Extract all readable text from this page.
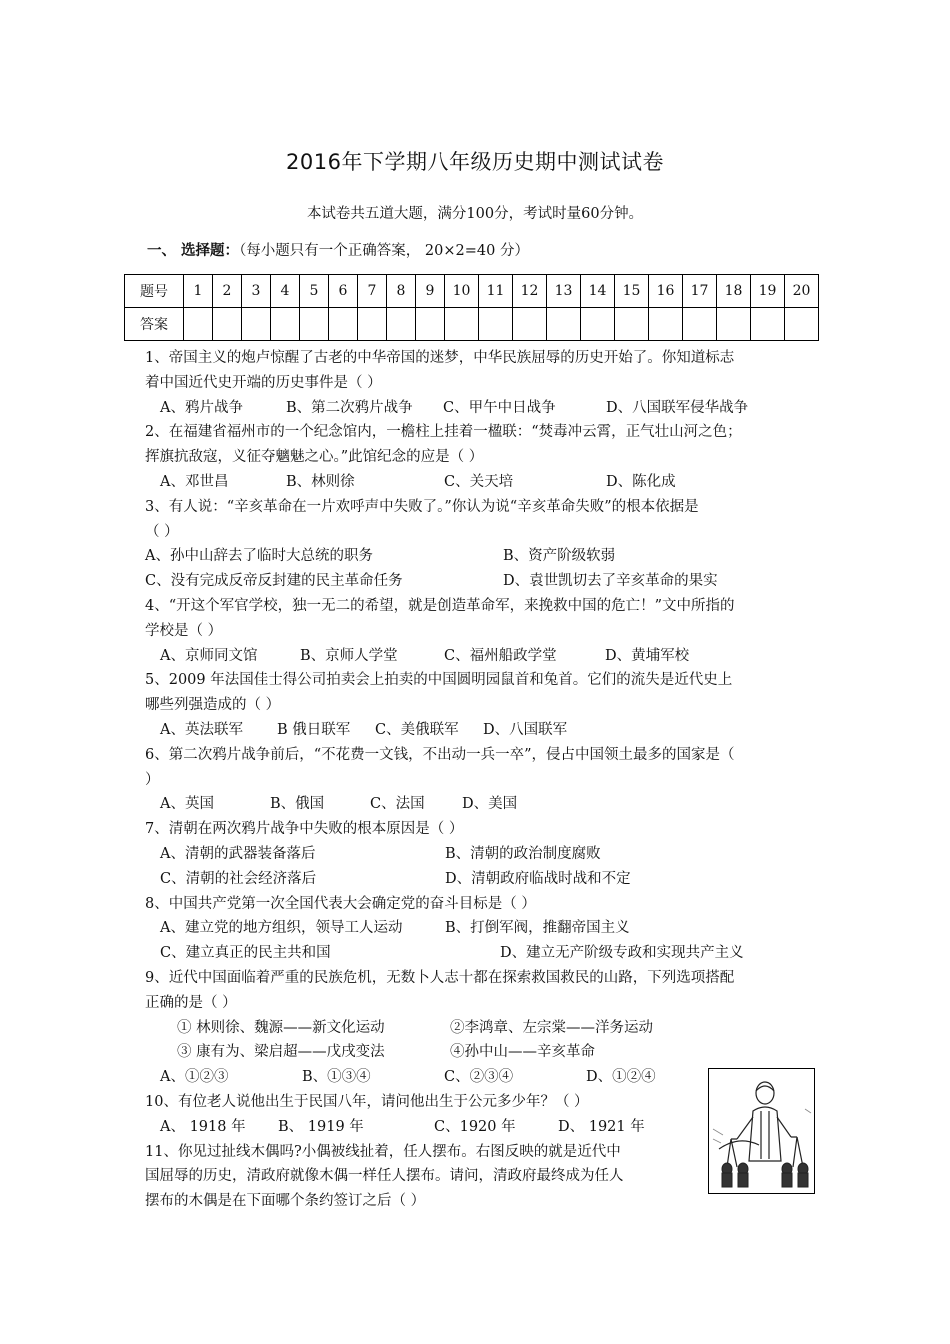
2016年下学期八年级历史期中测试试卷
本试卷共五道大题，满分100分，考试时量60分钟。
一、 选择题：（每小题只有一个正确答案， 20×2=40 分）
题号	1	2	3	4	5	6	7	8	9	10	11	12	13	14	15	16	17	18	19	20
答案																				
1、帝国主义的炮卢惊醒了古老的中华帝国的迷梦，中华民族屈辱的历史开始了。你知道标志
着中国近代史开端的历史事件是（ ）
A、鸦片战争	B、第二次鸦片战争 C、甲午中日战争	D、八国联军侵华战争
2、在福建省福州市的一个纪念馆内，一檐柱上挂着一楹联：“焚毒冲云霄，正气壮山河之色；
挥旗抗敌寇，义征夺魑魅之心。”此馆纪念的应是（ ）
A、邓世昌	B、林则徐	C、关天培	D、陈化成
3、有人说：“辛亥革命在一片欢呼声中失败了。”你认为说“辛亥革命失败”的根本依据是
（ ）
A、孙中山辞去了临时大总统的职务	B、资产阶级软弱
C、没有完成反帝反封建的民主革命任务	D、袁世凯切去了辛亥革命的果实
4、“开这个军官学校，独一无二的希望，就是创造革命军，来挽救中国的危亡！”文中所指的
学校是（ ）
A、京师同文馆	B、京师人学堂	C、福州船政学堂	D、黄埔军校
5、2009 年法国佳士得公司拍卖会上拍卖的中国圆明园鼠首和兔首。它们的流失是近代史上
哪些列强造成的（ ）
A、英法联军 B 俄日联军 C、美俄联军 D、八国联军
6、第二次鸦片战争前后，“不花费一文钱，不出动一兵一卒”，侵占中国领土最多的国家是（
）
A、英国	B、俄国	C、法国	D、美国
7、清朝在两次鸦片战争中失败的根本原因是（ ）
A、清朝的武器装备落后	B、清朝的政治制度腐败
C、清朝的社会经济落后	D、清朝政府临战时战和不定
8、中国共产党第一次全国代表大会确定党的奋斗目标是（ ）
A、建立党的地方组织，领导工人运动	B、打倒军阀，推翻帝国主义
C、建立真正的民主共和国	D、建立无产阶级专政和实现共产主义
9、近代中国面临着严重的民族危机，无数卜人志十都在探索救国救民的山路，下列选项搭配
正确的是（ ）
① 林则徐、魏源——新文化运动	②李鸿章、左宗棠——洋务运动
③ 康有为、梁启超——戊戌变法	④孙中山——辛亥革命
A、①②③	B、①③④	C、②③④	D、①②④
10、有位老人说他出生于民国八年，请问他出生于公元多少年？（ ）
A、 1918 年 B、 1919 年	C、1920 年	D、 1921 年
11、你见过扯线木偶吗?小偶被线扯着，任人摆布。右图反映的就是近代中
国屈辱的历史，清政府就像木偶一样任人摆布。请问，清政府最终成为任人
摆布的木偶是在下面哪个条约签订之后（ ）
